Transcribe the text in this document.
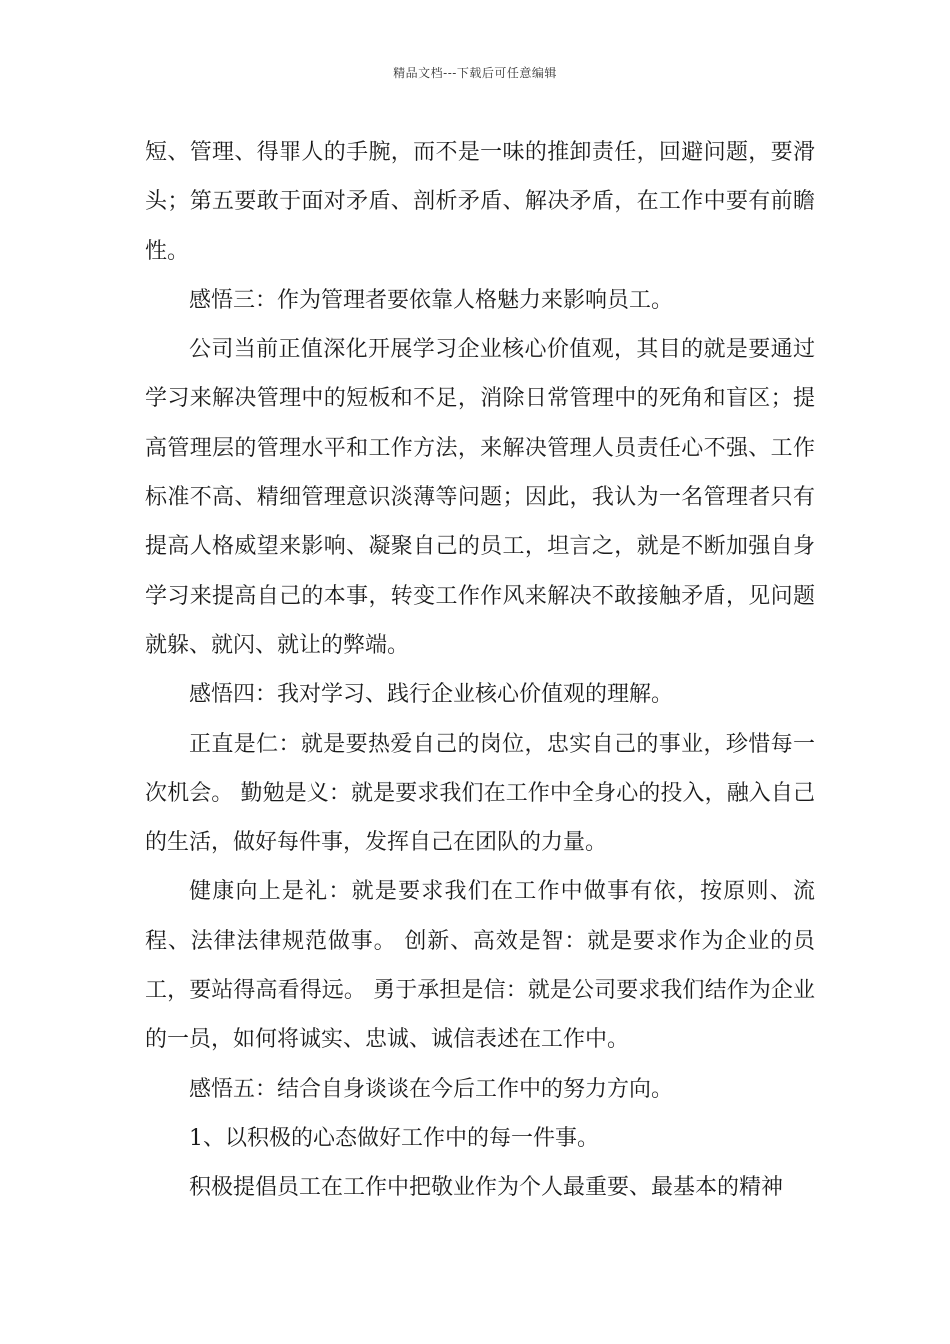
精品文档---下载后可任意编辑

短、管理、得罪人的手腕，而不是一味的推卸责任，回避问题，要滑头；第五要敢于面对矛盾、剖析矛盾、解决矛盾，在工作中要有前瞻性。

感悟三：作为管理者要依靠人格魅力来影响员工。

公司当前正值深化开展学习企业核心价值观，其目的就是要通过学习来解决管理中的短板和不足，消除日常管理中的死角和盲区；提高管理层的管理水平和工作方法，来解决管理人员责任心不强、工作标准不高、精细管理意识淡薄等问题；因此，我认为一名管理者只有提高人格威望来影响、凝聚自己的员工，坦言之，就是不断加强自身学习来提高自己的本事，转变工作作风来解决不敢接触矛盾，见问题就躲、就闪、就让的弊端。

感悟四：我对学习、践行企业核心价值观的理解。

正直是仁：就是要热爱自己的岗位，忠实自己的事业，珍惜每一次机会。 勤勉是义：就是要求我们在工作中全身心的投入，融入自己的生活，做好每件事，发挥自己在团队的力量。

健康向上是礼：就是要求我们在工作中做事有依，按原则、流程、法律法律规范做事。 创新、高效是智：就是要求作为企业的员工，要站得高看得远。 勇于承担是信：就是公司要求我们结作为企业的一员，如何将诚实、忠诚、诚信表述在工作中。

感悟五：结合自身谈谈在今后工作中的努力方向。

1、以积极的心态做好工作中的每一件事。

积极提倡员工在工作中把敬业作为个人最重要、最基本的精神
